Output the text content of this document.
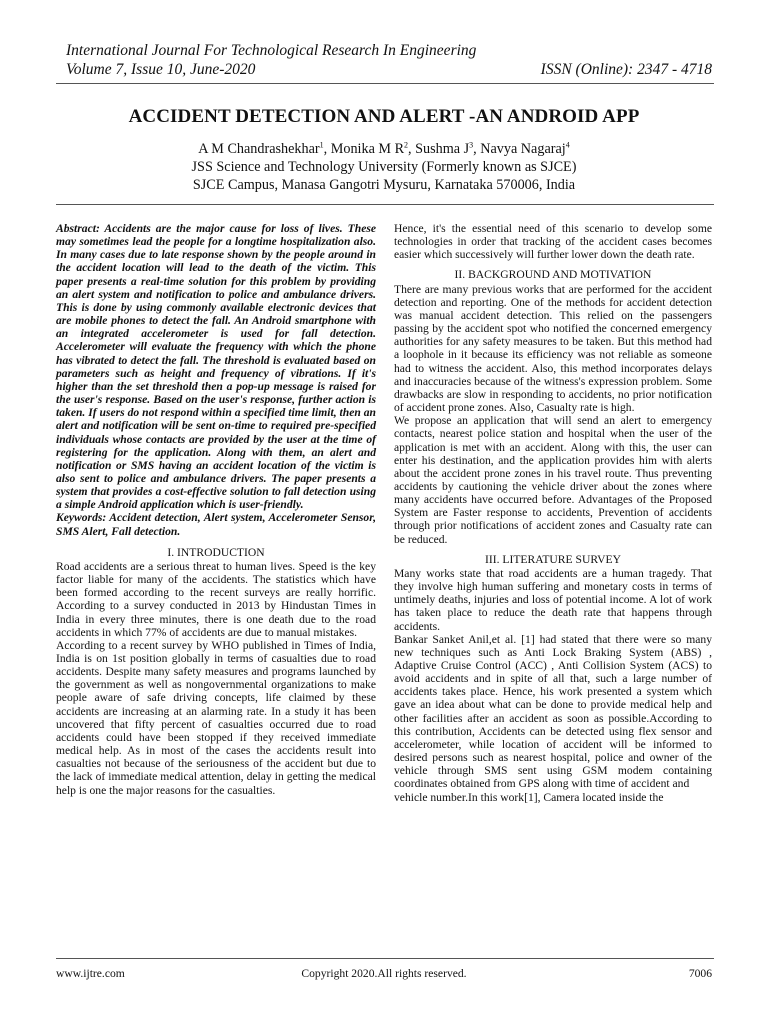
International Journal For Technological Research In Engineering
Volume 7, Issue 10, June-2020	ISSN (Online): 2347 - 4718
ACCIDENT DETECTION AND ALERT -AN ANDROID APP
A M Chandrashekhar$^1$, Monika M $R^2$, Sushma $J^3$, Navya Nagaraj$^4$
JSS Science and Technology University (Formerly known as SJCE)
SJCE Campus, Manasa Gangotri Mysuru, Karnataka 570006, India

Abstract: Accidents are the major cause for loss of lives. These may sometimes lead the people for a longtime hospitalization also. In many cases due to late response shown by the people around in the accident location will lead to the death of the victim. This paper presents a real-time solution for this problem by providing an alert system and notification to police and ambulance drivers. This is done by using commonly available electronic devices that are mobile phones to detect the fall. An Android smartphone with an integrated accelerometer is used for fall detection. Accelerometer will evaluate the frequency with which the phone has vibrated to detect the fall. The threshold is evaluated based on parameters such as height and frequency of vibrations. If it's higher than the set threshold then a pop-up message is raised for the user's response. Based on the user's response, further action is taken. If users do not respond within a specified time limit, then an alert and notification will be sent on-time to required pre-specified individuals whose contacts are provided by the user at the time of registering for the application. Along with them, an alert and notification or SMS having an accident location of the victim is also sent to police and ambulance drivers. The paper presents a system that provides a cost-effective solution to fall detection using a simple Android application which is user-friendly.

Keywords: Accident detection, Alert system, Accelerometer Sensor, SMS Alert, Fall detection.

I. INTRODUCTION

Road accidents are a serious threat to human lives. Speed is the key factor liable for many of the accidents. The statistics which have been formed according to the recent surveys are really horrific. According to a survey conducted in 2013 by Hindustan Times in India in every three minutes, there is one death due to the road accidents in which 77% of accidents are due to manual mistakes.

According to a recent survey by WHO published in Times of India, India is on 1st position globally in terms of casualties due to road accidents. Despite many safety measures and programs launched by the government as well as nongovernmental organizations to make people aware of safe driving concepts, life claimed by these accidents are increasing at an alarming rate. In a study it has been uncovered that fifty percent of casualties occurred due to road accidents could have been stopped if they received immediate medical help. As in most of the cases the accidents result into casualties not because of the seriousness of the accident but due to the lack of immediate medical attention, delay in getting the medical help is one the major reasons for the casualties.

Hence, it's the essential need of this scenario to develop some technologies in order that tracking of the accident cases becomes easier which successively will further lower down the death rate.

II. BACKGROUND AND MOTIVATION

There are many previous works that are performed for the accident detection and reporting. One of the methods for accident detection was manual accident detection. This relied on the passengers passing by the accident spot who notified the concerned emergency authorities for any safety measures to be taken. But this method had a loophole in it because its efficiency was not reliable as someone had to witness the accident. Also, this method incorporates delays and inaccuracies because of the witness's expression problem. Some drawbacks are slow in responding to accidents, no prior notification of accident prone zones. Also, Casualty rate is high.

We propose an application that will send an alert to emergency contacts, nearest police station and hospital when the user of the application is met with an accident. Along with this, the user can enter his destination, and the application provides him with alerts about the accident prone zones in his travel route. Thus preventing accidents by cautioning the vehicle driver about the zones where many accidents have occurred before. Advantages of the Proposed System are Faster response to accidents, Prevention of accidents through prior notifications of accident zones and Casualty rate can be reduced.

III. LITERATURE SURVEY

Many works state that road accidents are a human tragedy. That they involve high human suffering and monetary costs in terms of untimely deaths, injuries and loss of potential income. A lot of work has taken place to reduce the death rate that happens through accidents.

Bankar Sanket Anil,et al. [1] had stated that there were so many new techniques such as Anti Lock Braking System (ABS) , Adaptive Cruise Control (ACC) , Anti Collision System (ACS) to avoid accidents and in spite of all that, such a large number of accidents takes place. Hence, his work presented a system which gave an idea about what can be done to provide medical help and other facilities after an accident as soon as possible.According to this contribution, Accidents can be detected using flex sensor and accelerometer, while location of accident will be informed to desired persons such as nearest hospital, police and owner of the vehicle through SMS sent using GSM modem containing coordinates obtained from GPS along with time of accident and

vehicle number.In this work[1], Camera located inside the

www.ijtre.com	Copyright 2020.All rights reserved.	7006
